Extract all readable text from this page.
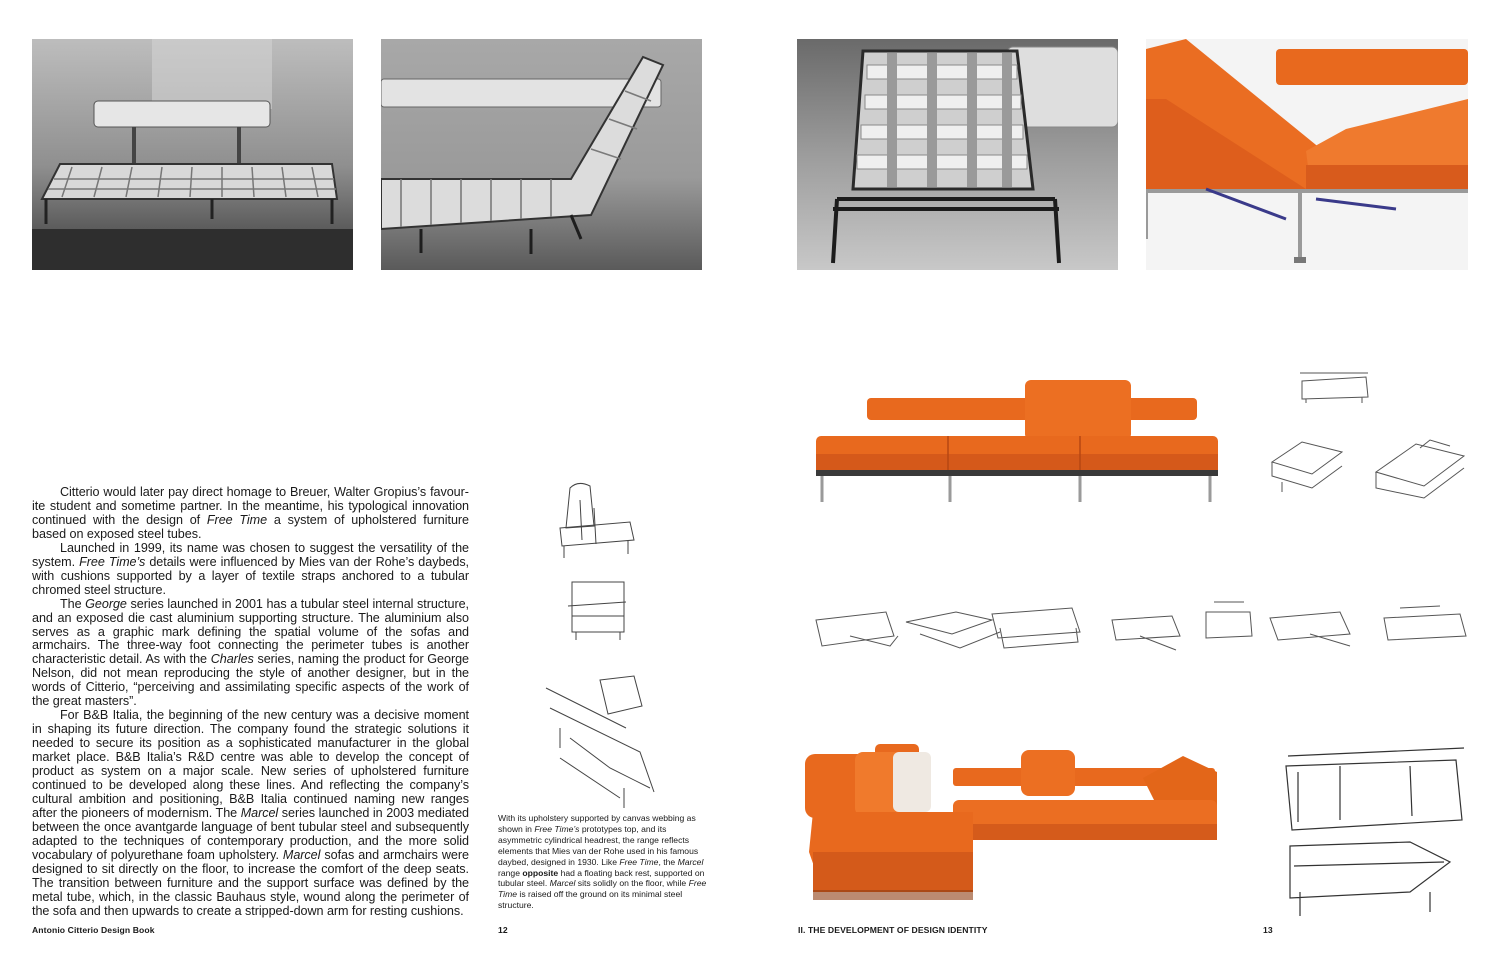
Citterio would later pay direct homage to Breuer, Walter Gropius’s favourite student and sometime partner. In the meantime, his typological innovation continued with the design of Free Time a system of upholstered furniture based on exposed steel tubes.

Launched in 1999, its name was chosen to suggest the versatility of the system. Free Time’s details were influenced by Mies van der Rohe’s daybeds, with cushions supported by a layer of textile straps anchored to a tubular chromed steel structure.

The George series launched in 2001 has a tubular steel internal structure, and an exposed die cast aluminium supporting structure. The aluminium also serves as a graphic mark defining the spatial volume of the sofas and armchairs. The three-way foot connecting the perimeter tubes is another characteristic detail. As with the Charles series, naming the product for George Nelson, did not mean reproducing the style of another designer, but in the words of Citterio, “perceiving and assimilating specific aspects of the work of the great masters”.

For B&B Italia, the beginning of the new century was a decisive moment in shaping its future direction. The company found the strategic solutions it needed to secure its position as a sophisticated manufacturer in the global market place. B&B Italia’s R&D centre was able to develop the concept of product as system on a major scale. New series of upholstered furniture continued to be developed along these lines. And reflecting the company’s cultural ambition and positioning, B&B Italia continued naming new ranges after the pioneers of modernism. The Marcel series launched in 2003 mediated between the once avantgarde language of bent tubular steel and subsequently adapted to the techniques of contemporary production, and the more solid vocabulary of polyurethane foam upholstery. Marcel sofas and armchairs were designed to sit directly on the floor, to increase the comfort of the deep seats. The transition between furniture and the support surface was defined by the metal tube, which, in the classic Bauhaus style, wound along the perimeter of the sofa and then upwards to create a stripped-down arm for resting cushions.

With its upholstery supported by canvas webbing as shown in Free Time’s prototypes top, and its asymmetric cylindrical headrest, the range reflects elements that Mies van der Rohe used in his famous daybed, designed in 1930. Like Free Time, the Marcel range opposite had a floating back rest, supported on tubular steel. Marcel sits solidly on the floor, while Free Time is raised off the ground on its minimal steel structure.

Antonio Citterio Design Book	12	II. THE DEVELOPMENT OF DESIGN IDENTITY	13
